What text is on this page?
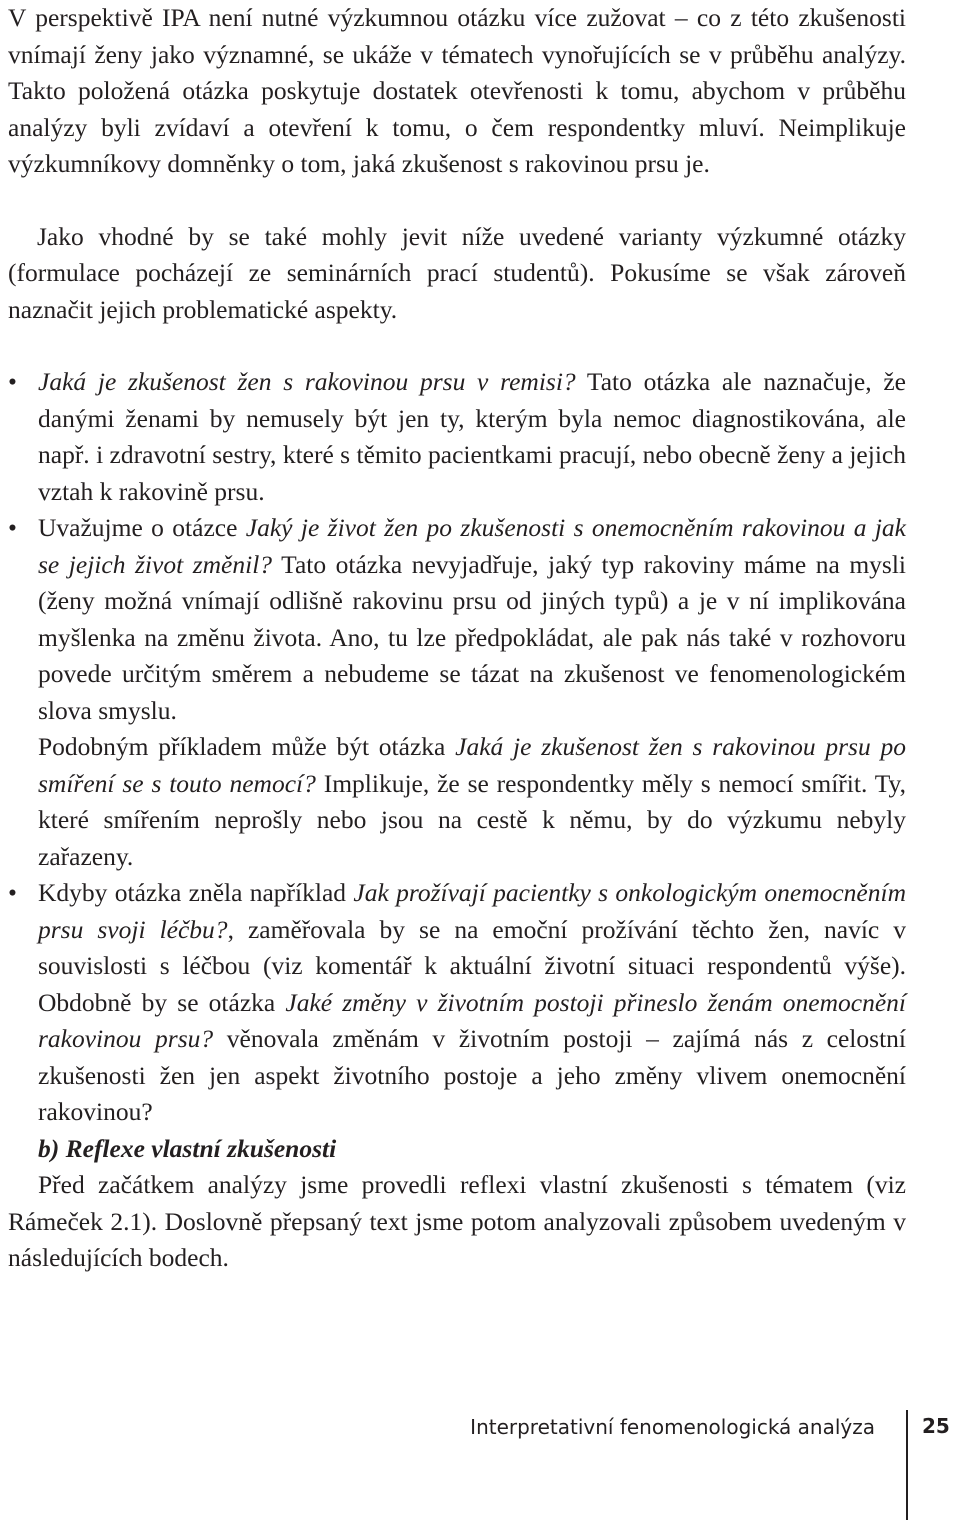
V perspektivě IPA není nutné výzkumnou otázku více zužovat – co z této zkušenosti vnímají ženy jako významné, se ukáže v tématech vynořujících se v průběhu analýzy. Takto položená otázka poskytuje dostatek otevřenosti k tomu, abychom v průběhu analýzy byli zvídaví a otevření k tomu, o čem respondentky mluví. Neimplikuje výzkumníkovy domněnky o tom, jaká zkušenost s rakovinou prsu je.

Jako vhodné by se také mohly jevit níže uvedené varianty výzkumné otázky (formulace pocházejí ze seminárních prací studentů). Pokusíme se však zároveň naznačit jejich problematické aspekty.

• Jaká je zkušenost žen s rakovinou prsu v remisi? Tato otázka ale naznačuje, že danými ženami by nemusely být jen ty, kterým byla nemoc diagnostikována, ale např. i zdravotní sestry, které s těmito pacientkami pracují, nebo obecně ženy a jejich vztah k rakovině prsu.

• Uvažujme o otázce Jaký je život žen po zkušenosti s onemocněním rakovinou a jak se jejich život změnil? Tato otázka nevyjadřuje, jaký typ rakoviny máme na mysli (ženy možná vnímají odlišně rakovinu prsu od jiných typů) a je v ní implikována myšlenka na změnu života. Ano, tu lze předpokládat, ale pak nás také v rozhovoru povede určitým směrem a nebudeme se tázat na zkušenost ve fenomenologickém slova smyslu.
Podobným příkladem může být otázka Jaká je zkušenost žen s rakovinou prsu po smíření se s touto nemocí? Implikuje, že se respondentky měly s nemocí smířit. Ty, které smířením neprošly nebo jsou na cestě k němu, by do výzkumu nebyly zařazeny.

• Kdyby otázka zněla například Jak prožívají pacientky s onkologickým onemocněním prsu svoji léčbu?, zaměřovala by se na emoční prožívání těchto žen, navíc v souvislosti s léčbou (viz komentář k aktuální životní situaci respondentů výše). Obdobně by se otázka Jaké změny v životním postoji přineslo ženám onemocnění rakovinou prsu? věnovala změnám v životním postoji – zajímá nás z celostní zkušenosti žen jen aspekt životního postoje a jeho změny vlivem onemocnění rakovinou?

b) Reflexe vlastní zkušenosti

Před začátkem analýzy jsme provedli reflexi vlastní zkušenosti s tématem (viz Rámeček 2.1). Doslovně přepsaný text jsme potom analyzovali způsobem uvedeným v následujících bodech.

Interpretativní fenomenologická analýza 25
